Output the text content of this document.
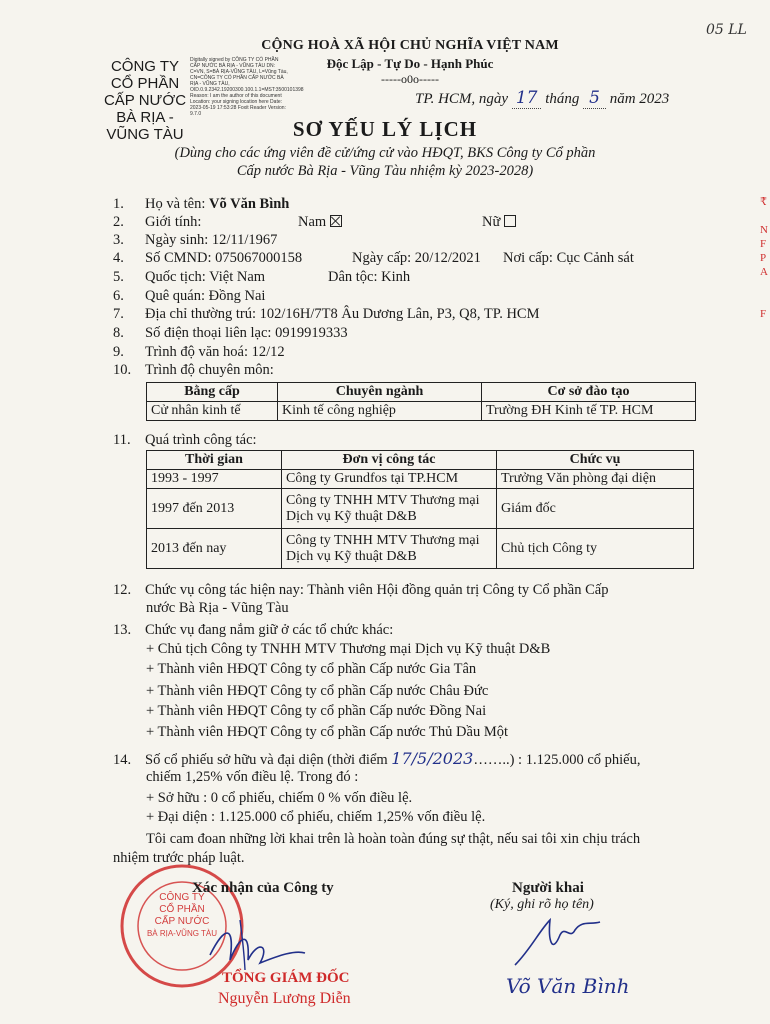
05 LL
₹

N
F
P
A

F
CỘNG HOÀ XÃ HỘI CHỦ NGHĨA VIỆT NAM
Độc Lập - Tự Do - Hạnh Phúc
-----o0o-----
CÔNG TY
CỔ PHẦN
CẤP NƯỚC
BÀ RỊA -
VŨNG TÀU
Digitally signed by CÔNG TY CỔ PHẦN CẤP NƯỚC BÀ RỊA - VŨNG TÀU DN: C=VN, S=BÀ RỊA-VŨNG TÀU, L=Vũng Tàu, CN=CÔNG TY CỔ PHẦN CẤP NƯỚC BÀ RỊA - VŨNG TÀU, OID.0.9.2342.19200300.100.1.1=MST:3500101398 Reason: I am the author of this document Location: your signing location here Date: 2023-05-19 17:53:28 Foxit Reader Version: 9.7.0
TP. HCM, ngày 17 tháng 5 năm 2023
SƠ YẾU LÝ LỊCH
(Dùng cho các ứng viên đề cử/ứng cử vào HĐQT, BKS Công ty Cổ phần
Cấp nước Bà Rịa - Vũng Tàu nhiệm kỳ 2023-2028)
1. Họ và tên: Võ Văn Bình
2. Giới tính:	Nam	Nữ
3. Ngày sinh: 12/11/1967
4. Số CMND: 075067000158	Ngày cấp: 20/12/2021 Nơi cấp: Cục Cảnh sát
5. Quốc tịch: Việt Nam	Dân tộc: Kinh
6. Quê quán: Đồng Nai
7. Địa chỉ thường trú: 102/16H/7T8 Âu Dương Lân, P3, Q8, TP. HCM
8. Số điện thoại liên lạc: 0919919333
9. Trình độ văn hoá: 12/12
10. Trình độ chuyên môn:
Bằng cấp	Chuyên ngành	Cơ sở đào tạo
Cử nhân kinh tế	Kinh tế công nghiệp	Trường ĐH Kinh tế TP. HCM
11. Quá trình công tác:
Thời gian	Đơn vị công tác	Chức vụ
1993 - 1997	Công ty Grundfos tại TP.HCM	Trưởng Văn phòng đại diện
1997 đến 2013	Công ty TNHH MTV Thương mại Dịch vụ Kỹ thuật D&B	Giám đốc
2013 đến nay	Công ty TNHH MTV Thương mại Dịch vụ Kỹ thuật D&B	Chủ tịch Công ty
12. Chức vụ công tác hiện nay: Thành viên Hội đồng quản trị Công ty Cổ phần Cấp
nước Bà Rịa - Vũng Tàu
13. Chức vụ đang nắm giữ ở các tổ chức khác:
+ Chủ tịch Công ty TNHH MTV Thương mại Dịch vụ Kỹ thuật D&B
+ Thành viên HĐQT Công ty cổ phần Cấp nước Gia Tân
+ Thành viên HĐQT Công ty cổ phần Cấp nước Châu Đức
+ Thành viên HĐQT Công ty cổ phần Cấp nước Đồng Nai
+ Thành viên HĐQT Công ty cổ phần Cấp nước Thủ Dầu Một
14. Số cổ phiếu sở hữu và đại diện (thời điểm 17/5/2023……..) : 1.125.000 cổ phiếu,
chiếm 1,25% vốn điều lệ. Trong đó :
+ Sở hữu : 0 cổ phiếu, chiếm 0 % vốn điều lệ.
+ Đại diện : 1.125.000 cổ phiếu, chiếm 1,25% vốn điều lệ.
Tôi cam đoan những lời khai trên là hoàn toàn đúng sự thật, nếu sai tôi xin chịu trách
nhiệm trước pháp luật.
CÔNG TY
CỔ PHẦN
CẤP NƯỚC
BÀ RỊA-VŨNG TÀU
Xác nhận của Công ty
TỔNG GIÁM ĐỐC
Nguyễn Lương Diễn
Người khai
(Ký, ghi rõ họ tên)
Võ Văn Bình
